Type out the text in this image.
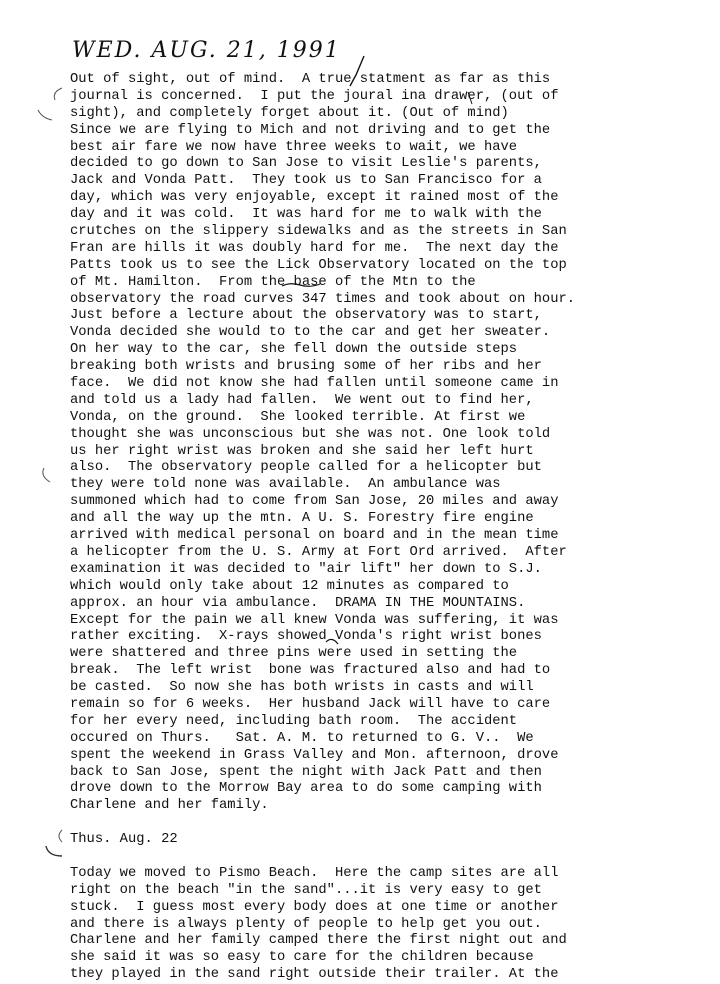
WED. AUG. 21, 1991
Out of sight, out of mind.  A true statment as far as this
journal is concerned.  I put the joural ina drawer, (out of
sight), and completely forget about it. (Out of mind)
Since we are flying to Mich and not driving and to get the
best air fare we now have three weeks to wait, we have
decided to go down to San Jose to visit Leslie's parents,
Jack and Vonda Patt.  They took us to San Francisco for a
day, which was very enjoyable, except it rained most of the
day and it was cold.  It was hard for me to walk with the
crutches on the slippery sidewalks and as the streets in San
Fran are hills it was doubly hard for me.  The next day the
Patts took us to see the Lick Observatory located on the top
of Mt. Hamilton.  From the base of the Mtn to the
observatory the road curves 347 times and took about on hour.
Just before a lecture about the observatory was to start,
Vonda decided she would to to the car and get her sweater.
On her way to the car, she fell down the outside steps
breaking both wrists and brusing some of her ribs and her
face.  We did not know she had fallen until someone came in
and told us a lady had fallen.  We went out to find her,
Vonda, on the ground.  She looked terrible. At first we
thought she was unconscious but she was not. One look told
us her right wrist was broken and she said her left hurt
also.  The observatory people called for a helicopter but
they were told none was available.  An ambulance was
summoned which had to come from San Jose, 20 miles and away
and all the way up the mtn. A U. S. Forestry fire engine
arrived with medical personal on board and in the mean time
a helicopter from the U. S. Army at Fort Ord arrived.  After
examination it was decided to "air lift" her down to S.J.
which would only take about 12 minutes as compared to
approx. an hour via ambulance.  DRAMA IN THE MOUNTAINS.
Except for the pain we all knew Vonda was suffering, it was
rather exciting.  X-rays showed Vonda's right wrist bones
were shattered and three pins were used in setting the
break.  The left wrist  bone was fractured also and had to
be casted.  So now she has both wrists in casts and will
remain so for 6 weeks.  Her husband Jack will have to care
for her every need, including bath room.  The accident
occured on Thurs.   Sat. A. M. to returned to G. V..  We
spent the weekend in Grass Valley and Mon. afternoon, drove
back to San Jose, spent the night with Jack Patt and then
drove down to the Morrow Bay area to do some camping with
Charlene and her family.
Thus. Aug. 22
Today we moved to Pismo Beach.  Here the camp sites are all
right on the beach "in the sand"...it is very easy to get
stuck.  I guess most every body does at one time or another
and there is always plenty of people to help get you out.
Charlene and her family camped there the first night out and
she said it was so easy to care for the children because
they played in the sand right outside their trailer. At the
